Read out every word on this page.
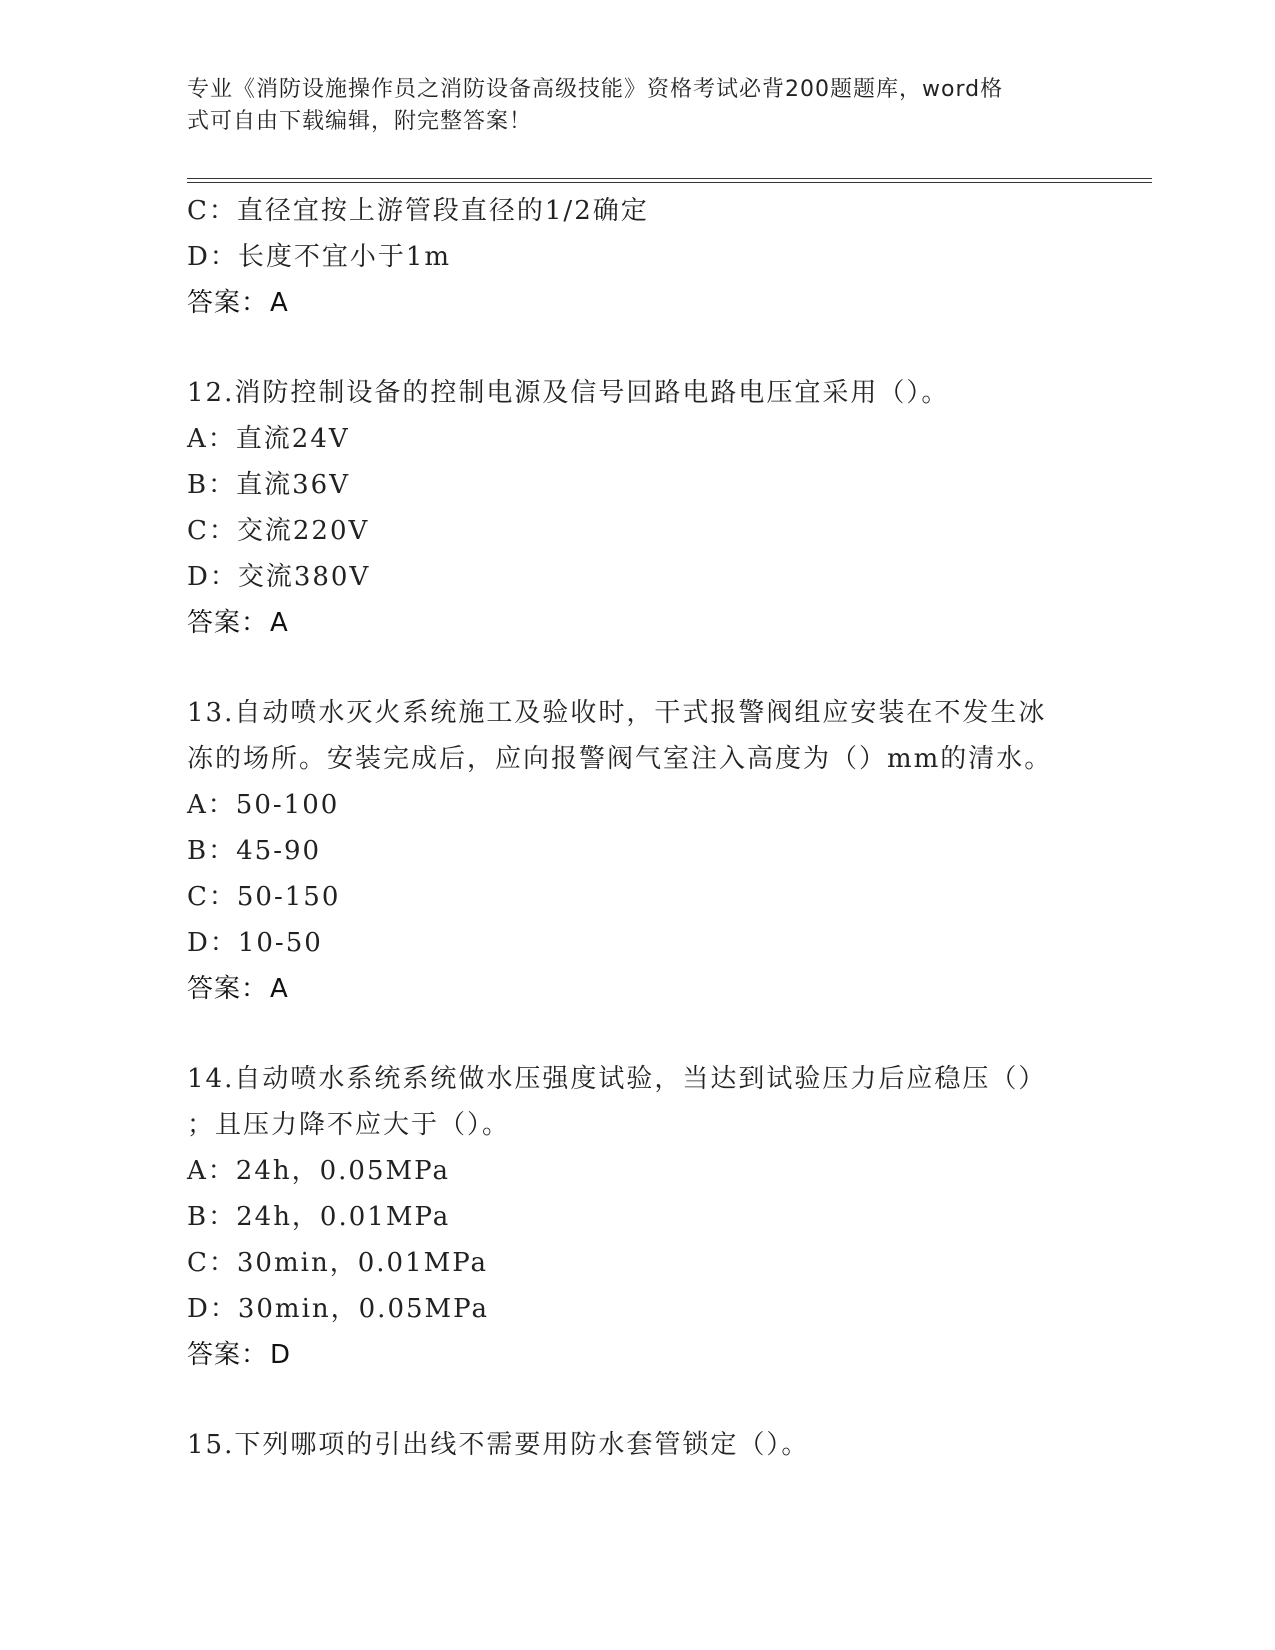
专业《消防设施操作员之消防设备高级技能》资格考试必背200题题库，word格
式可自由下载编辑，附完整答案！
C：直径宜按上游管段直径的1/2确定
D：长度不宜小于1m
答案：A
12.消防控制设备的控制电源及信号回路电路电压宜采用（）。
A：直流24V
B：直流36V
C：交流220V
D：交流380V
答案：A
13.自动喷水灭火系统施工及验收时，干式报警阀组应安装在不发生冰
冻的场所。安装完成后，应向报警阀气室注入高度为（）mm的清水。
A：50-100
B：45-90
C：50-150
D：10-50
答案：A
14.自动喷水系统系统做水压强度试验，当达到试验压力后应稳压（）
；且压力降不应大于（）。
A：24h，0.05MPa
B：24h，0.01MPa
C：30min，0.01MPa
D：30min，0.05MPa
答案：D
15.下列哪项的引出线不需要用防水套管锁定（）。
